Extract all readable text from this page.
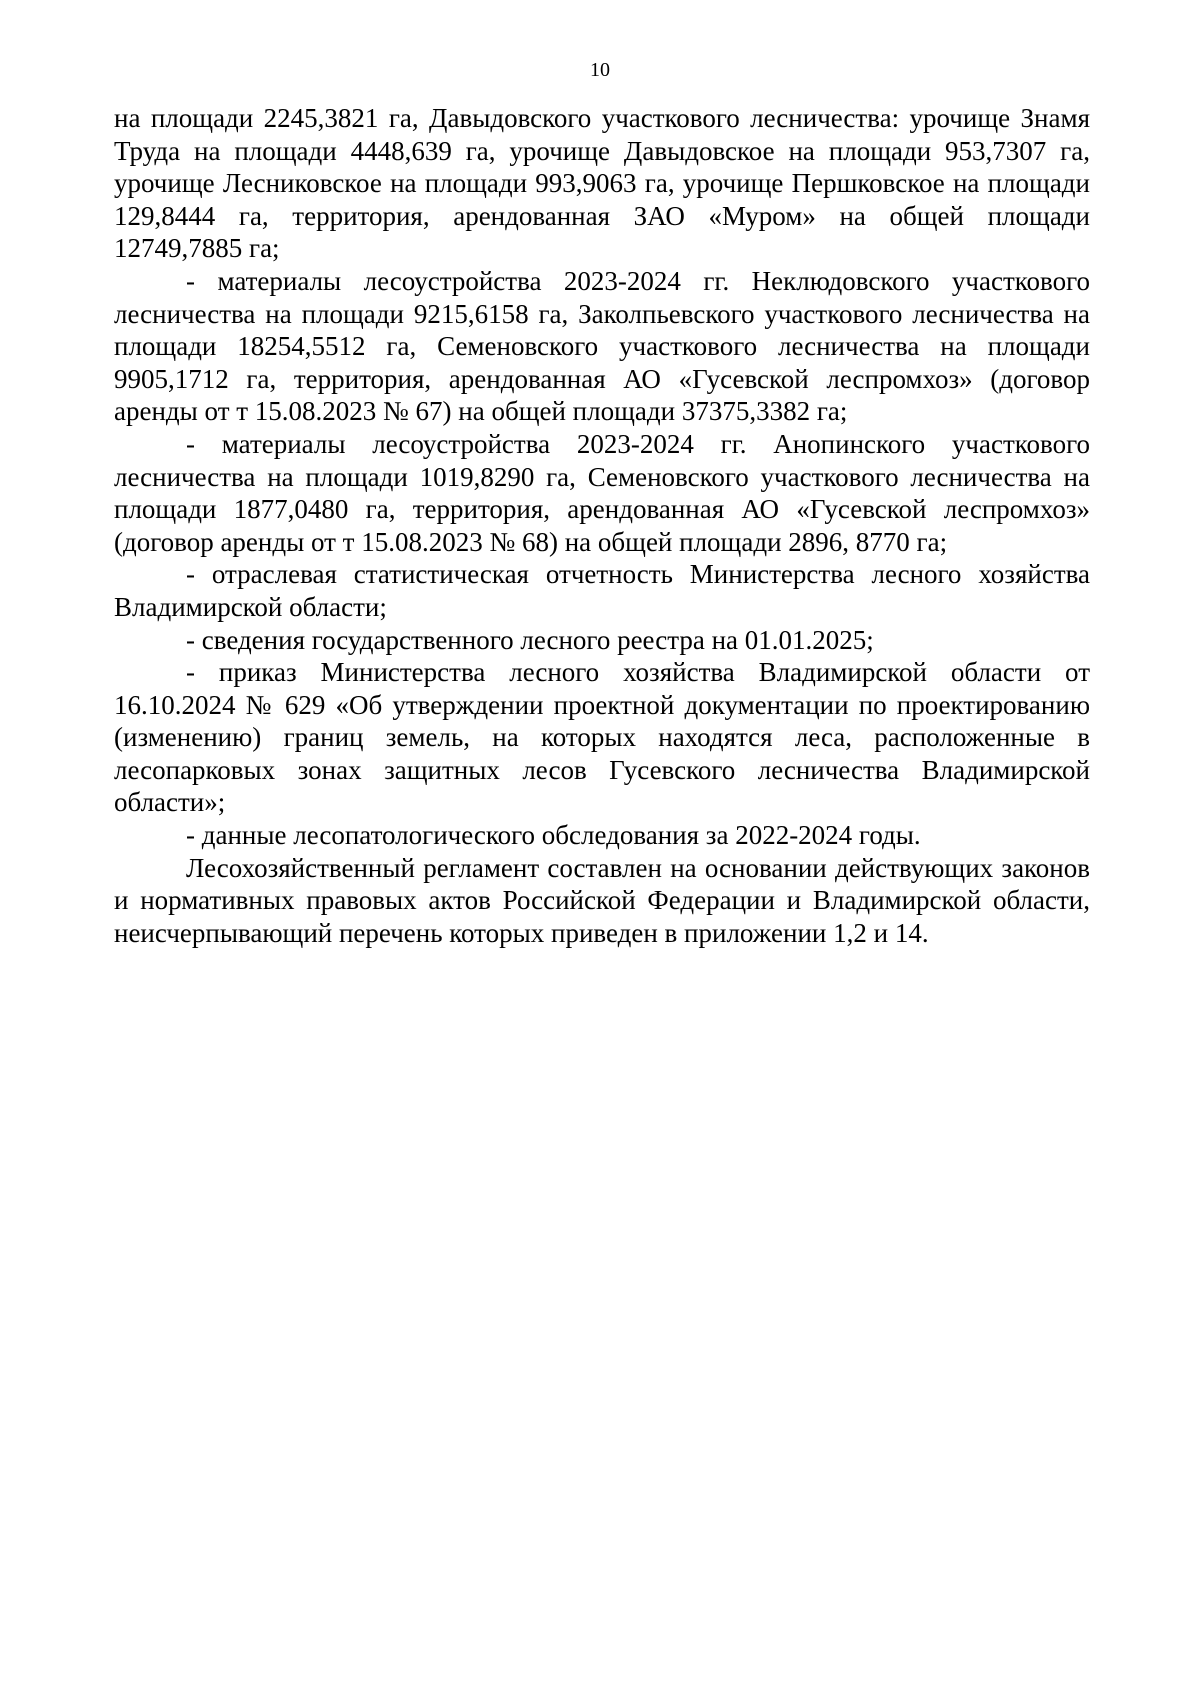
10

на площади 2245,3821 га, Давыдовского участкового лесничества: урочище Знамя Труда на площади 4448,639 га, урочище Давыдовское на площади 953,7307 га, урочище Лесниковское на площади 993,9063 га, урочище Першковское на площади 129,8444 га, территория, арендованная ЗАО «Муром» на общей площади 12749,7885 га;

- материалы лесоустройства 2023-2024 гг. Неклюдовского участкового лесничества на площади 9215,6158 га, Заколпьевского участкового лесничества на площади 18254,5512 га, Семеновского участкового лесничества на площади 9905,1712 га, территория, арендованная АО «Гусевской леспромхоз» (договор аренды от т 15.08.2023 № 67) на общей площади 37375,3382 га;

- материалы лесоустройства 2023-2024 гг. Анопинского участкового лесничества на площади 1019,8290 га, Семеновского участкового лесничества на площади 1877,0480 га, территория, арендованная АО «Гусевской леспромхоз» (договор аренды от т 15.08.2023 № 68) на общей площади 2896, 8770 га;

- отраслевая статистическая отчетность Министерства лесного хозяйства Владимирской области;

- сведения государственного лесного реестра на 01.01.2025;

- приказ Министерства лесного хозяйства Владимирской области от 16.10.2024 № 629 «Об утверждении проектной документации по проектированию (изменению) границ земель, на которых находятся леса, расположенные в лесопарковых зонах защитных лесов Гусевского лесничества Владимирской области»;

- данные лесопатологического обследования за 2022-2024 годы.

Лесохозяйственный регламент составлен на основании действующих законов и нормативных правовых актов Российской Федерации и Владимирской области, неисчерпывающий перечень которых приведен в приложении 1,2 и 14.
